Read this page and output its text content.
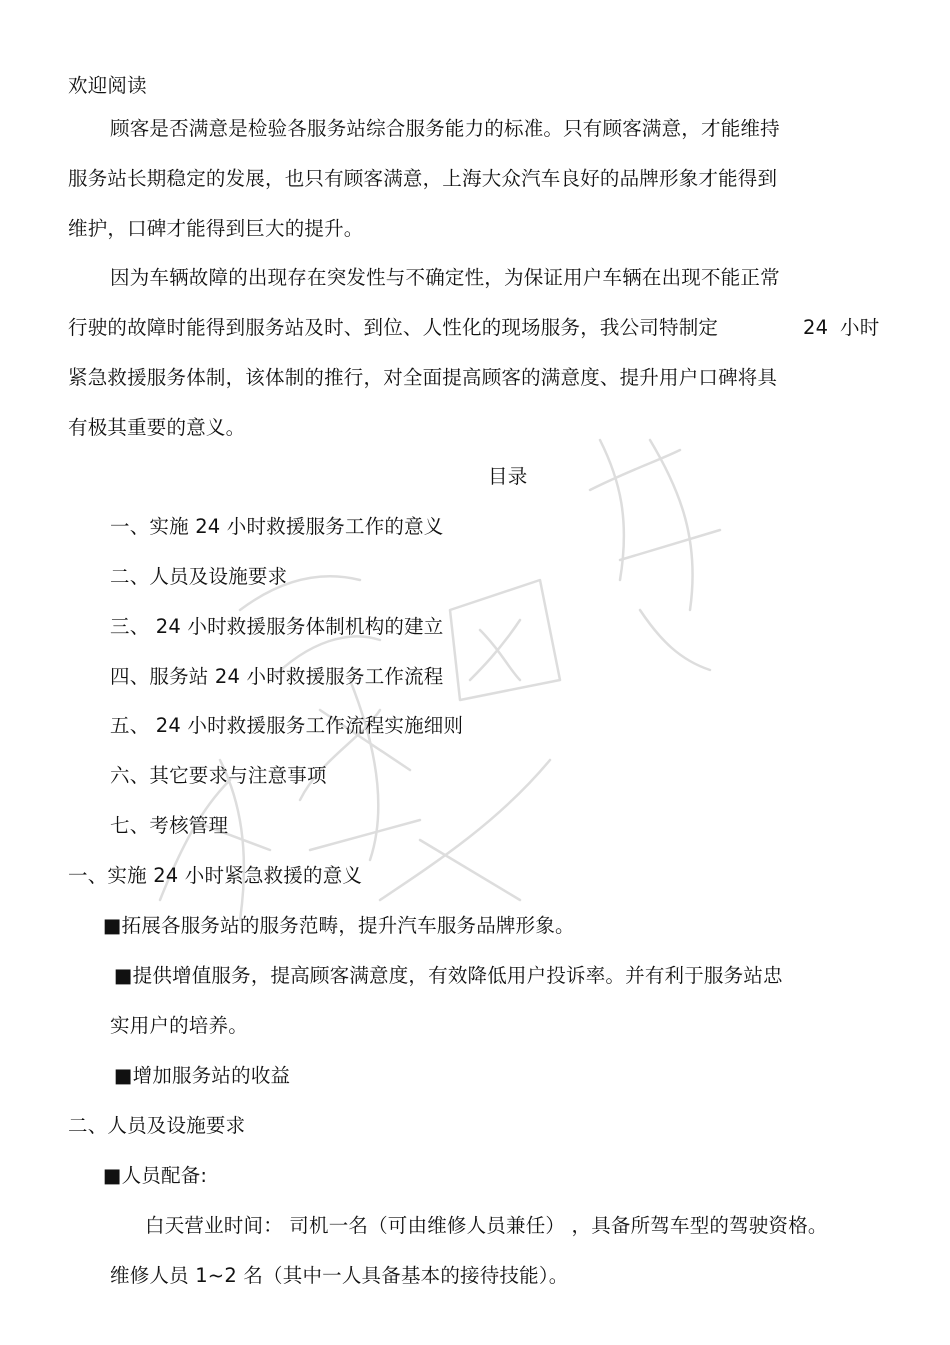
欢迎阅读
顾客是否满意是检验各服务站综合服务能力的标准。只有顾客满意，才能维持
服务站长期稳定的发展，也只有顾客满意，上海大众汽车良好的品牌形象才能得到
维护，口碑才能得到巨大的提升。
因为车辆故障的出现存在突发性与不确定性，为保证用户车辆在出现不能正常
行驶的故障时能得到服务站及时、到位、人性化的现场服务，我公司特制定	24 小时
紧急救援服务体制，该体制的推行，对全面提高顾客的满意度、提升用户口碑将具
有极其重要的意义。
目录
一、实施 24 小时救援服务工作的意义
二、人员及设施要求
三、 24 小时救援服务体制机构的建立
四、服务站 24 小时救援服务工作流程
五、 24 小时救援服务工作流程实施细则
六、其它要求与注意事项
七、考核管理
一、实施 24 小时紧急救援的意义
■拓展各服务站的服务范畴，提升汽车服务品牌形象。
■提供增值服务，提高顾客满意度，有效降低用户投诉率。并有利于服务站忠
实用户的培养。
■增加服务站的收益
二、人员及设施要求
■人员配备:
白天营业时间： 司机一名（可由维修人员兼任） ，具备所驾车型的驾驶资格。
维修人员 1~2 名（其中一人具备基本的接待技能）。
